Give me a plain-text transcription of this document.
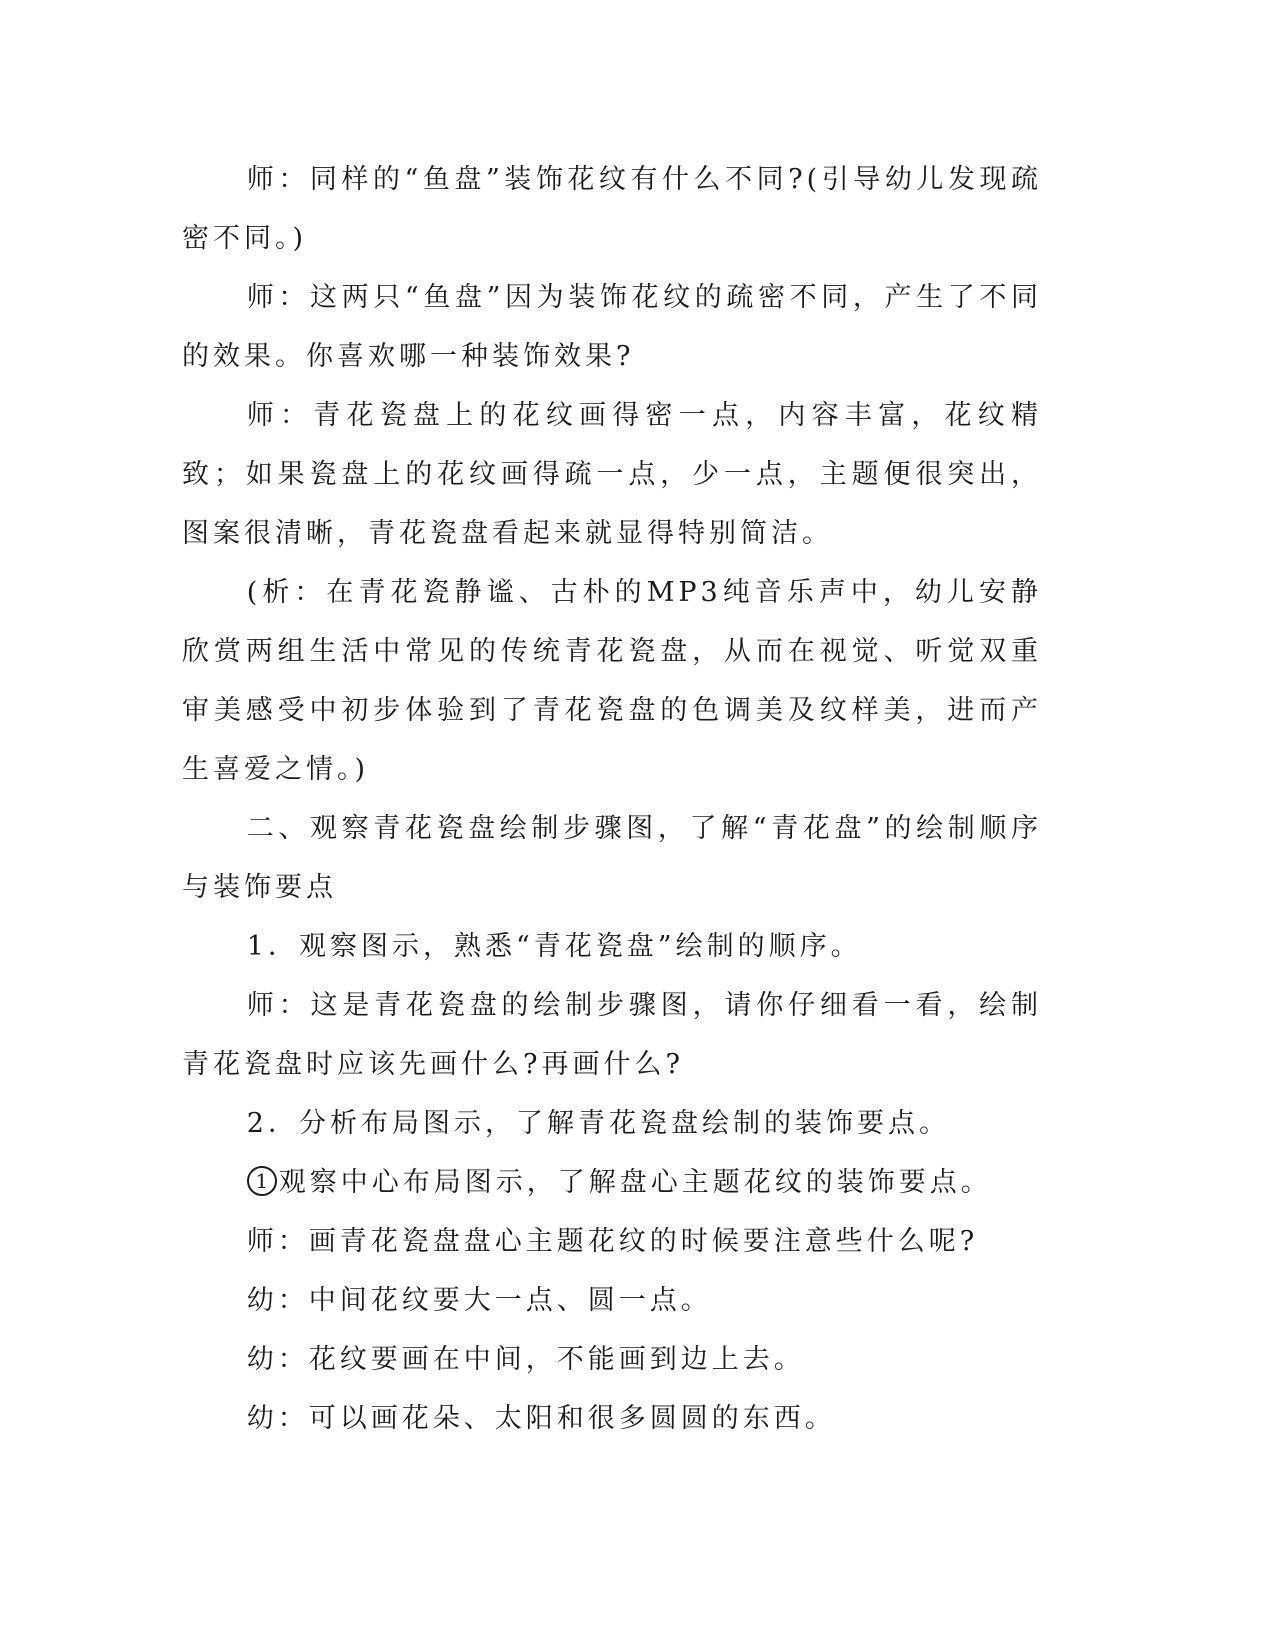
师：同样的“鱼盘”装饰花纹有什么不同?(引导幼儿发现疏密不同。)

师：这两只“鱼盘”因为装饰花纹的疏密不同，产生了不同的效果。你喜欢哪一种装饰效果?

师：青花瓷盘上的花纹画得密一点，内容丰富，花纹精致；如果瓷盘上的花纹画得疏一点，少一点，主题便很突出，图案很清晰，青花瓷盘看起来就显得特别简洁。

(析：在青花瓷静谧、古朴的MP3纯音乐声中，幼儿安静欣赏两组生活中常见的传统青花瓷盘，从而在视觉、听觉双重审美感受中初步体验到了青花瓷盘的色调美及纹样美，进而产生喜爱之情。)

二、观察青花瓷盘绘制步骤图，了解“青花盘”的绘制顺序与装饰要点

1．观察图示，熟悉“青花瓷盘”绘制的顺序。

师：这是青花瓷盘的绘制步骤图，请你仔细看一看，绘制青花瓷盘时应该先画什么?再画什么?

2．分析布局图示，了解青花瓷盘绘制的装饰要点。

1 观察中心布局图示，了解盘心主题花纹的装饰要点。

师：画青花瓷盘盘心主题花纹的时候要注意些什么呢?

幼：中间花纹要大一点、圆一点。

幼：花纹要画在中间，不能画到边上去。

幼：可以画花朵、太阳和很多圆圆的东西。
